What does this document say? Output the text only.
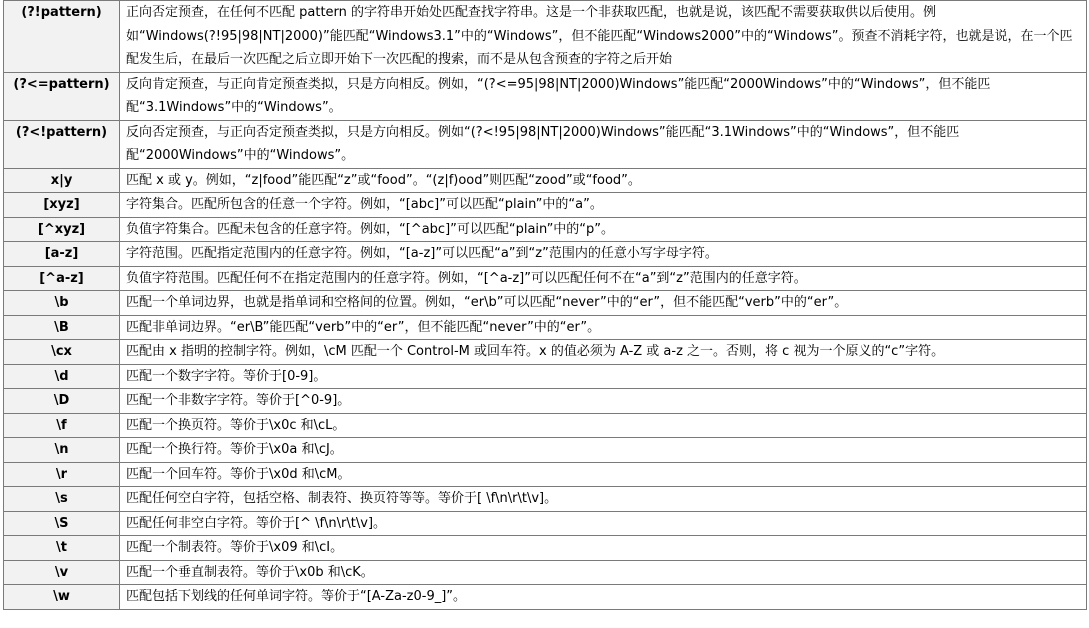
(?!pattern)	正向否定预查，在任何不匹配 pattern 的字符串开始处匹配查找字符串。这是一个非获取匹配，也就是说，该匹配不需要获取供以后使用。例如“Windows(?!95|98|NT|2000)”能匹配“Windows3.1”中的“Windows”，但不能匹配“Windows2000”中的“Windows”。预查不消耗字符，也就是说，在一个匹配发生后，在最后一次匹配之后立即开始下一次匹配的搜索，而不是从包含预查的字符之后开始
(?<=pattern)	反向肯定预查，与正向肯定预查类拟，只是方向相反。例如，“(?<=95|98|NT|2000)Windows”能匹配“2000Windows”中的“Windows”，但不能匹配“3.1Windows”中的“Windows”。
(?<!pattern)	反向否定预查，与正向否定预查类拟，只是方向相反。例如“(?<!95|98|NT|2000)Windows”能匹配“3.1Windows”中的“Windows”，但不能匹配“2000Windows”中的“Windows”。
x|y	匹配 x 或 y。例如，“z|food”能匹配“z”或“food”。“(z|f)ood”则匹配“zood”或“food”。
[xyz]	字符集合。匹配所包含的任意一个字符。例如，“[abc]”可以匹配“plain”中的“a”。
[^xyz]	负值字符集合。匹配未包含的任意字符。例如，“[^abc]”可以匹配“plain”中的“p”。
[a-z]	字符范围。匹配指定范围内的任意字符。例如，“[a-z]”可以匹配“a”到“z”范围内的任意小写字母字符。
[^a-z]	负值字符范围。匹配任何不在指定范围内的任意字符。例如，“[^a-z]”可以匹配任何不在“a”到“z”范围内的任意字符。
\b	匹配一个单词边界，也就是指单词和空格间的位置。例如，“er\b”可以匹配“never”中的“er”，但不能匹配“verb”中的“er”。
\B	匹配非单词边界。“er\B”能匹配“verb”中的“er”，但不能匹配“never”中的“er”。
\cx	匹配由 x 指明的控制字符。例如，\cM 匹配一个 Control-M 或回车符。x 的值必须为 A-Z 或 a-z 之一。否则，将 c 视为一个原义的“c”字符。
\d	匹配一个数字字符。等价于[0-9]。
\D	匹配一个非数字字符。等价于[^0-9]。
\f	匹配一个换页符。等价于\x0c 和\cL。
\n	匹配一个换行符。等价于\x0a 和\cJ。
\r	匹配一个回车符。等价于\x0d 和\cM。
\s	匹配任何空白字符，包括空格、制表符、换页符等等。等价于[ \f\n\r\t\v]。
\S	匹配任何非空白字符。等价于[^ \f\n\r\t\v]。
\t	匹配一个制表符。等价于\x09 和\cI。
\v	匹配一个垂直制表符。等价于\x0b 和\cK。
\w	匹配包括下划线的任何单词字符。等价于“[A-Za-z0-9_]”。
